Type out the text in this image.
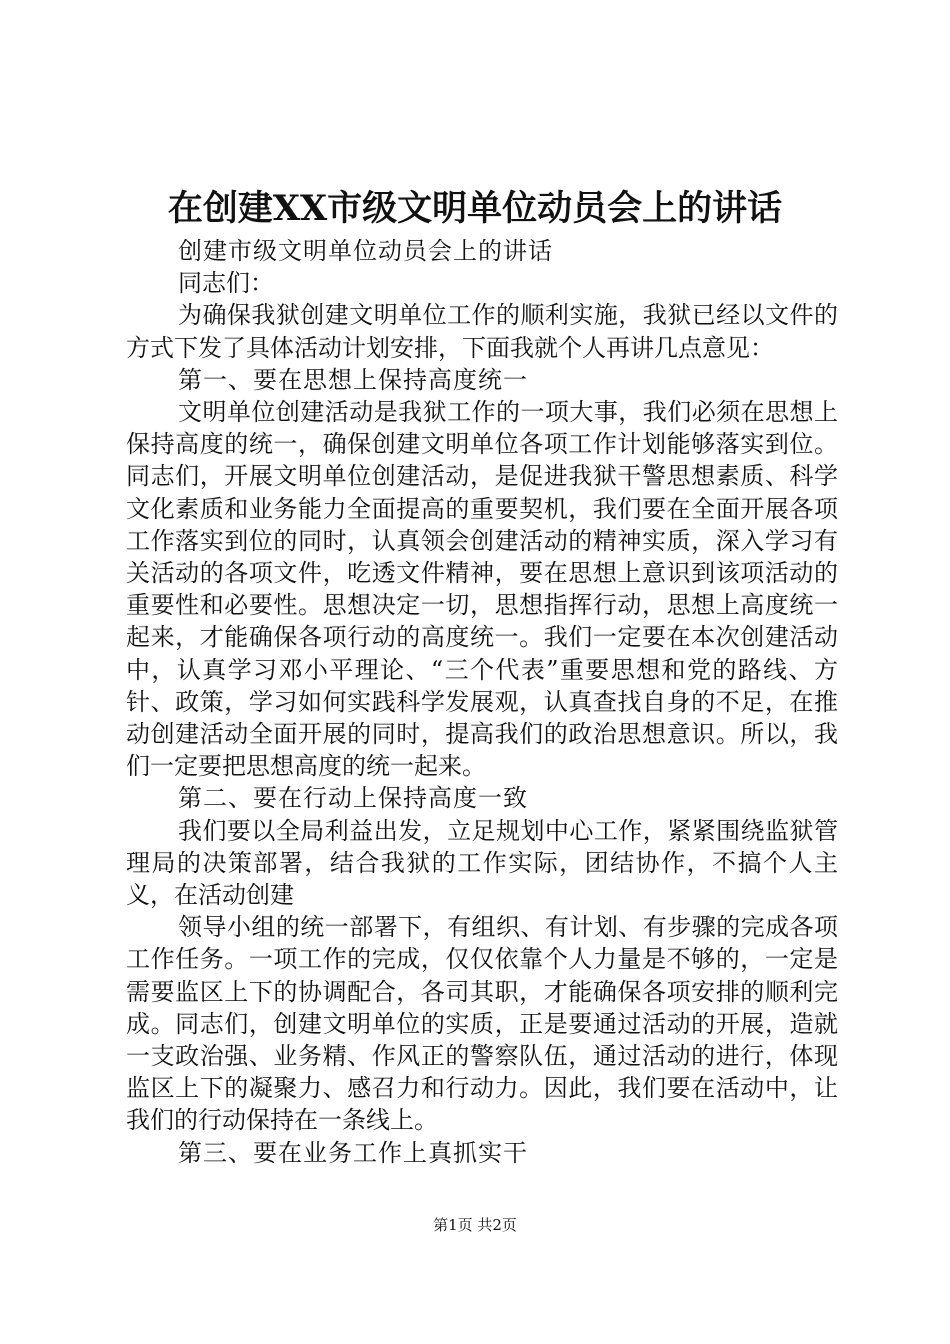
在创建XX市级文明单位动员会上的讲话

创建市级文明单位动员会上的讲话

同志们：

为确保我狱创建文明单位工作的顺利实施，我狱已经以文件的方式下发了具体活动计划安排，下面我就个人再讲几点意见：

第一、要在思想上保持高度统一

文明单位创建活动是我狱工作的一项大事，我们必须在思想上保持高度的统一，确保创建文明单位各项工作计划能够落实到位。同志们，开展文明单位创建活动，是促进我狱干警思想素质、科学文化素质和业务能力全面提高的重要契机，我们要在全面开展各项工作落实到位的同时，认真领会创建活动的精神实质，深入学习有关活动的各项文件，吃透文件精神，要在思想上意识到该项活动的重要性和必要性。思想决定一切，思想指挥行动，思想上高度统一起来，才能确保各项行动的高度统一。我们一定要在本次创建活动中，认真学习邓小平理论、“三个代表”重要思想和党的路线、方针、政策，学习如何实践科学发展观，认真查找自身的不足，在推动创建活动全面开展的同时，提高我们的政治思想意识。所以，我们一定要把思想高度的统一起来。

第二、要在行动上保持高度一致

我们要以全局利益出发，立足规划中心工作，紧紧围绕监狱管理局的决策部署，结合我狱的工作实际，团结协作，不搞个人主义，在活动创建

领导小组的统一部署下，有组织、有计划、有步骤的完成各项工作任务。一项工作的完成，仅仅依靠个人力量是不够的，一定是需要监区上下的协调配合，各司其职，才能确保各项安排的顺利完成。同志们，创建文明单位的实质，正是要通过活动的开展，造就一支政治强、业务精、作风正的警察队伍，通过活动的进行，体现监区上下的凝聚力、感召力和行动力。因此，我们要在活动中，让我们的行动保持在一条线上。

第三、要在业务工作上真抓实干

第1页 共2页
